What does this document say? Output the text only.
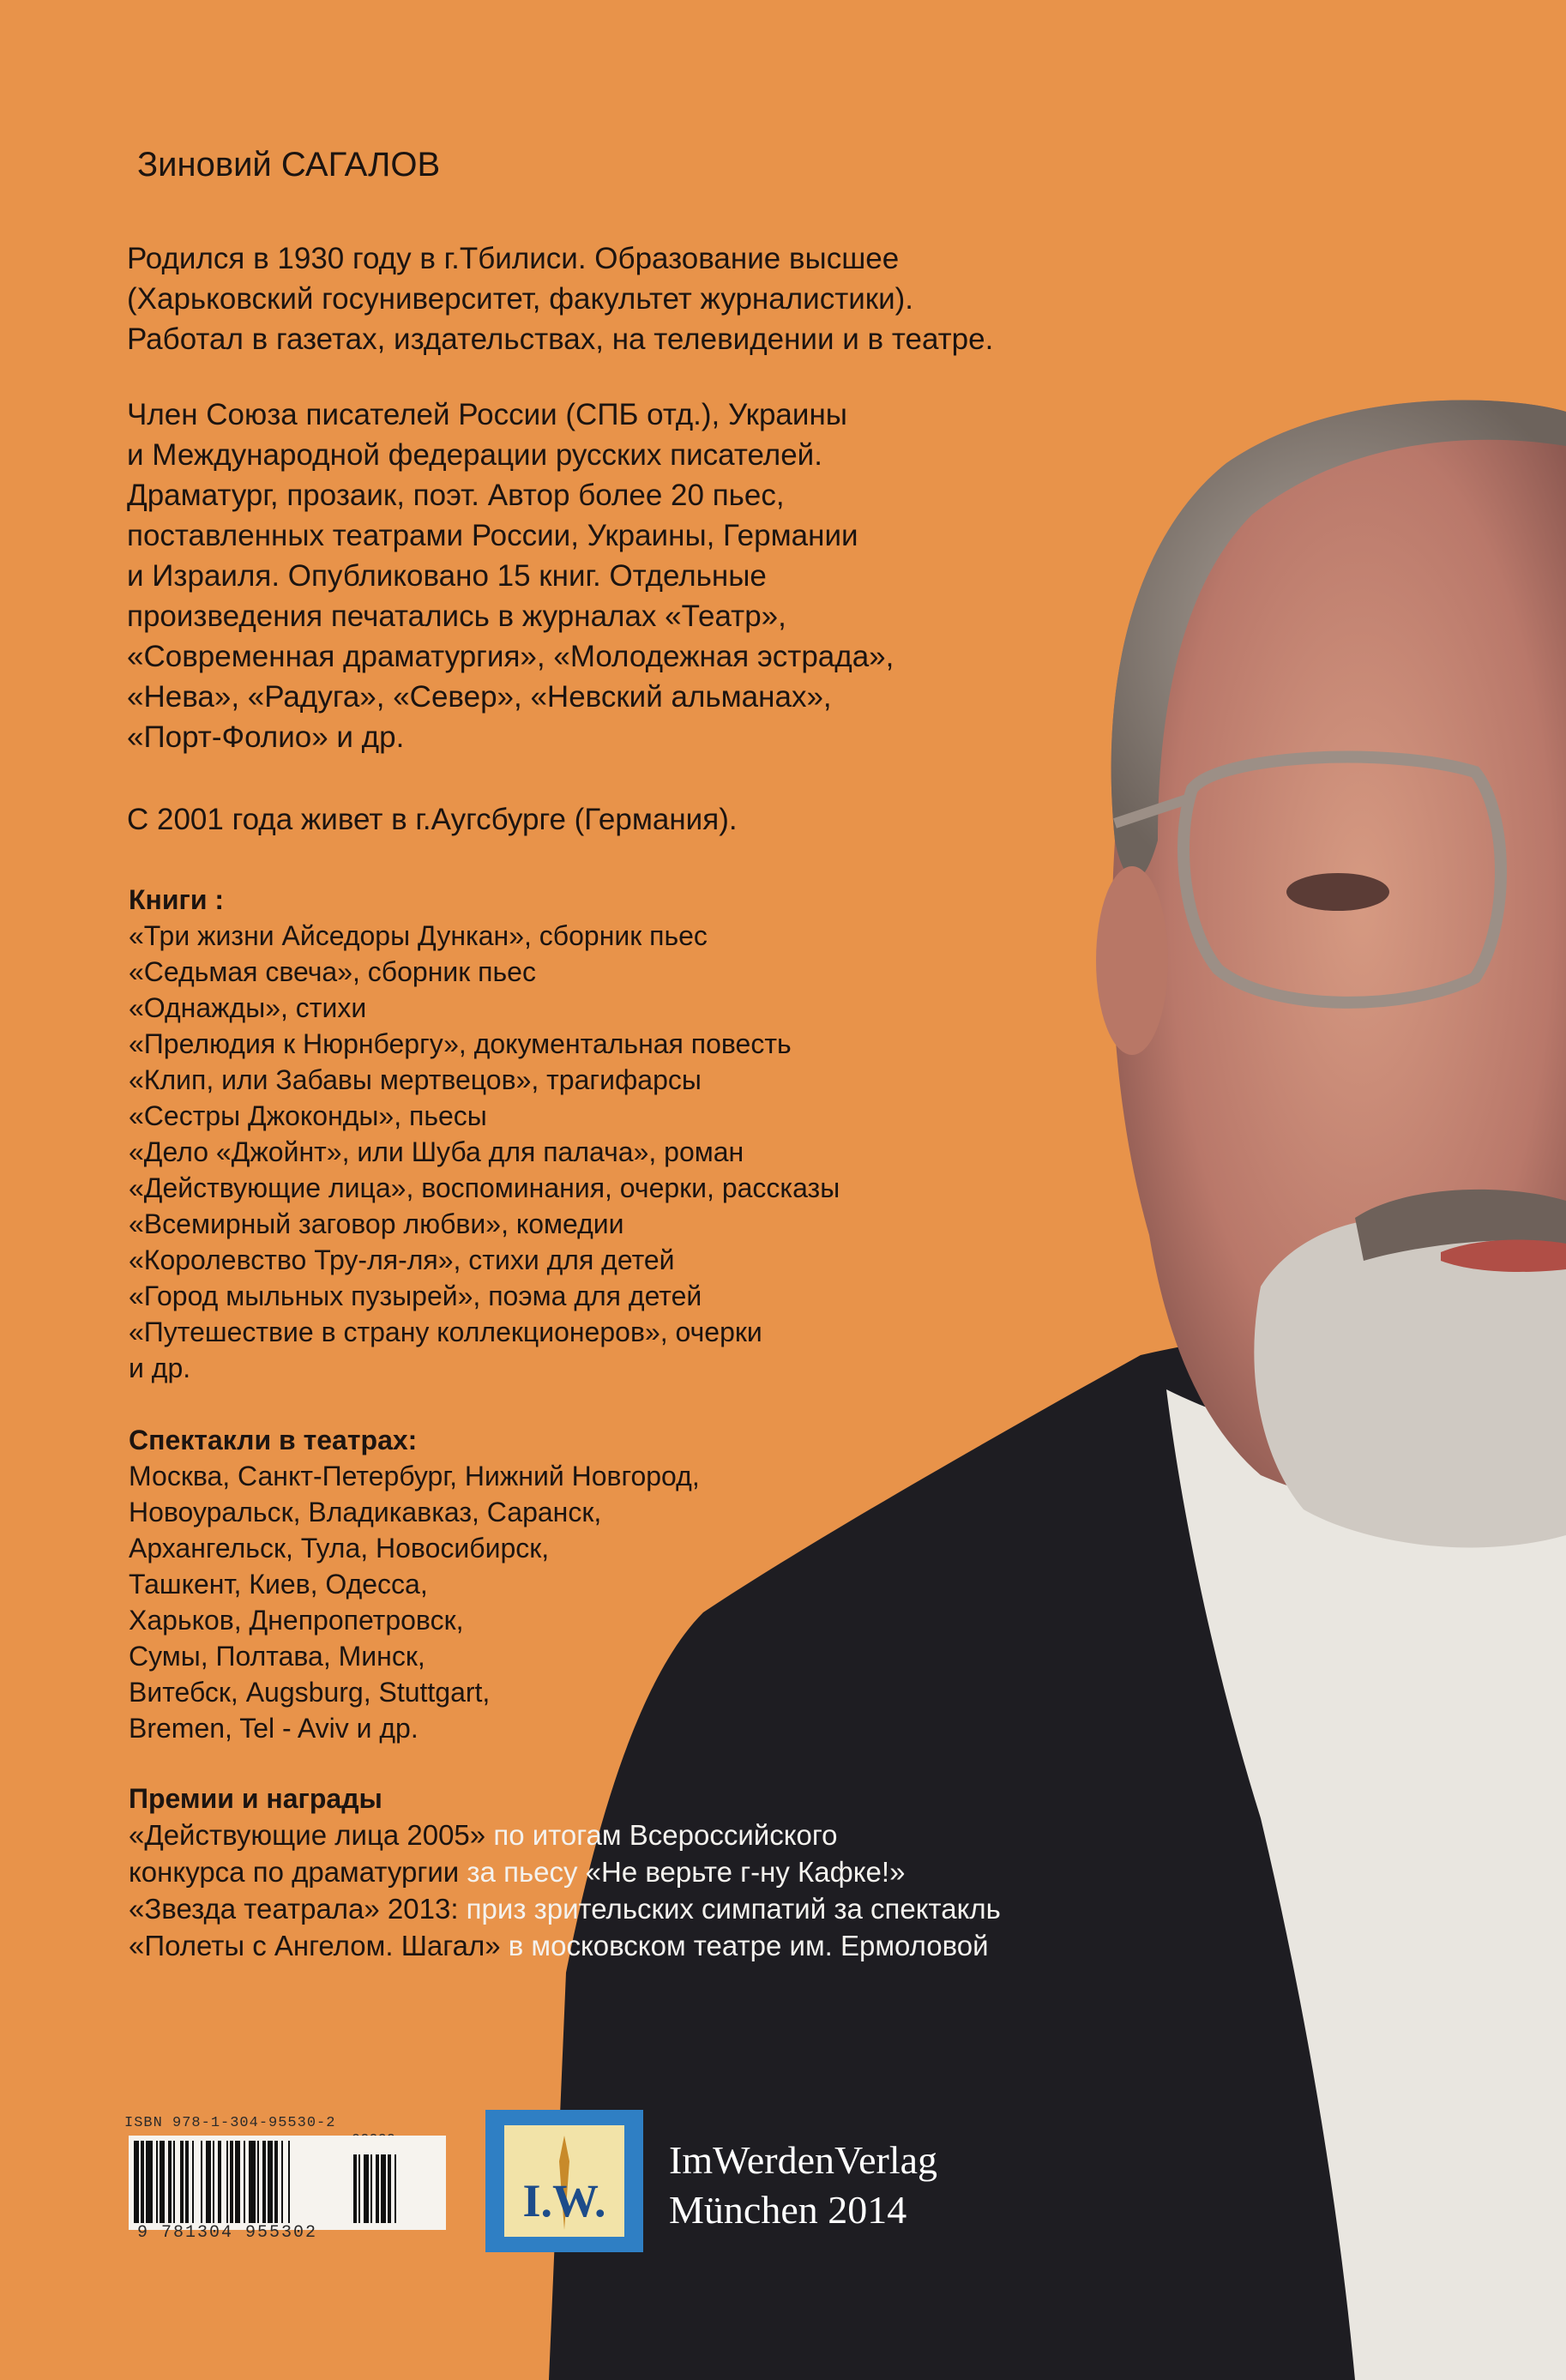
Зиновий САГАЛОВ
Родился в 1930 году в г.Тбилиси. Образование высшее
(Харьковский госуниверситет, факультет журналистики).
Работал в газетах, издательствах, на телевидении и в театре.
Член Союза писателей России (СПБ отд.), Украины
и Международной федерации русских писателей.
Драматург, прозаик, поэт. Автор более 20 пьес,
поставленных театрами России, Украины, Германии
и Израиля. Опубликовано 15 книг. Отдельные
произведения печатались в журналах «Театр»,
«Современная драматургия», «Молодежная эстрада»,
«Нева», «Радуга», «Север», «Невский альманах»,
«Порт-Фолио» и др.
С 2001 года живет в г.Аугсбурге (Германия).
Книги :
«Три жизни Айседоры Дункан», сборник пьес
«Седьмая свеча», сборник пьес
«Однажды», стихи
«Прелюдия к Нюрнбергу», документальная повесть
«Клип, или Забавы мертвецов», трагифарсы
«Сестры Джоконды», пьесы
«Дело «Джойнт», или Шуба для палача», роман
«Действующие лица», воспоминания, очерки, рассказы
«Всемирный заговор любви», комедии
«Королевство Тру-ля-ля», стихи для детей
«Город мыльных пузырей», поэма для детей
«Путешествие в страну коллекционеров», очерки
и др.
Спектакли в театрах:
Москва, Санкт-Петербург, Нижний Новгород,
Новоуральск, Владикавказ, Саранск,
Архангельск, Тула, Новосибирск,
Ташкент, Киев, Одесса,
Харьков, Днепропетровск,
Сумы, Полтава, Минск,
Витебск, Augsburg, Stuttgart,
Bremen, Tel - Aviv и др.
Премии и награды
«Действующие лица 2005» по итогам Всероссийского
конкурса по драматургии за пьесу «Не верьте г-ну Кафке!»
«Звезда театрала» 2013: приз зрительских симпатий за спектакль
«Полеты с Ангелом. Шагал» в московском театре им. Ермоловой
ISBN 978-1-304-95530-2
9 781304 955302
I.W.
ImWerdenVerlag
München 2014
